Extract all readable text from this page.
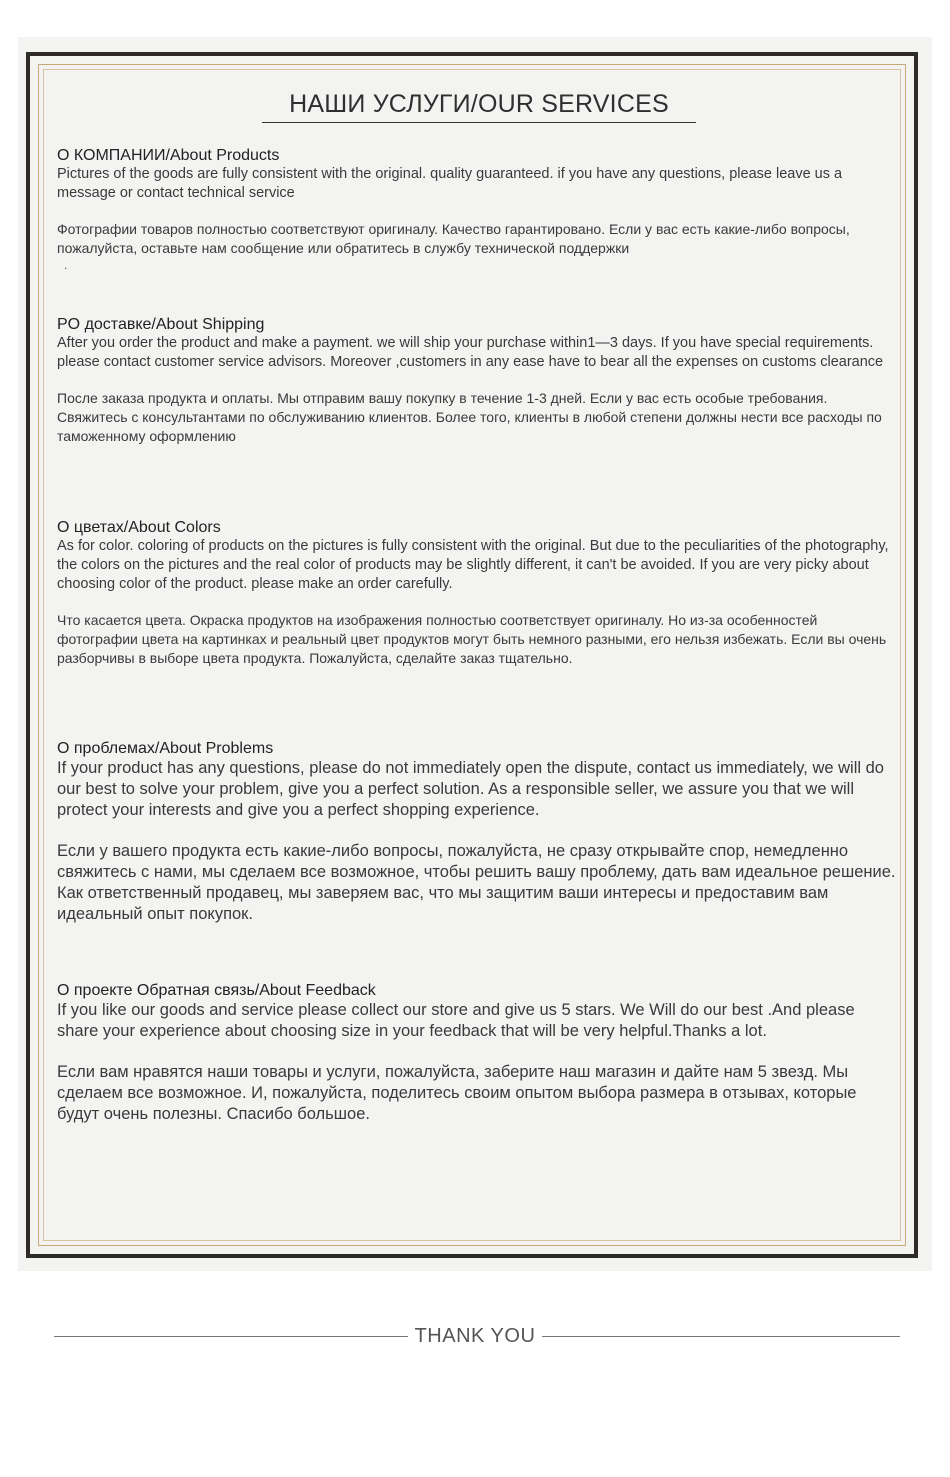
НАШИ УСЛУГИ/OUR SERVICES
О КОМПАНИИ/About Products

Pictures of the goods are fully consistent with the original. quality guaranteed. if you have any questions, please leave us a message or contact technical service

Фотографии товаров полностью соответствуют оригиналу. Качество гарантировано. Если у вас есть какие-либо вопросы, пожалуйста, оставьте нам сообщение или обратитесь в службу технической поддержки

.
PO доставке/About Shipping

After you order the product and make a payment. we will ship your purchase within1—3 days. If you have special requirements. please contact customer service advisors. Moreover ,customers in any ease have to bear all the expenses on customs clearance

После заказа продукта и оплаты. Мы отправим вашу покупку в течение 1-3 дней. Если у вас есть особые требования. Свяжитесь с консультантами по обслуживанию клиентов. Более того, клиенты в любой степени должны нести все расходы по таможенному оформлению

О цветах/About Colors

As for color. coloring of products on the pictures is fully consistent with the original. But due to the peculiarities of the photography, the colors on the pictures and the real color of products may be slightly different, it can't be avoided. If you are very picky about choosing color of the product. please make an order carefully.

Что касается цвета. Окраска продуктов на изображения полностью соответствует оригиналу. Но из-за особенностей фотографии цвета на картинках и реальный цвет продуктов могут быть немного разными, его нельзя избежать. Если вы очень разборчивы в выборе цвета продукта. Пожалуйста, сделайте заказ тщательно.

О проблемах/About Problems

If your product has any questions, please do not immediately open the dispute, contact us immediately, we will do our best to solve your problem, give you a perfect solution. As a responsible seller, we assure you that we will protect your interests and give you a perfect shopping experience.

Если у вашего продукта есть какие-либо вопросы, пожалуйста, не сразу открывайте спор, немедленно свяжитесь с нами, мы сделаем все возможное, чтобы решить вашу проблему, дать вам идеальное решение. Как ответственный продавец, мы заверяем вас, что мы защитим ваши интересы и предоставим вам идеальный опыт покупок.

О проекте Обратная связь/About Feedback

If you like our goods and service please collect our store and give us 5 stars. We Will do our best .And please share your experience about choosing size in your feedback that will be very helpful.Thanks a lot.

Если вам нравятся наши товары и услуги, пожалуйста, заберите наш магазин и дайте нам 5 звезд. Мы сделаем все возможное. И, пожалуйста, поделитесь своим опытом выбора размера в отзывах, которые будут очень полезны. Спасибо большое.

THANK YOU
